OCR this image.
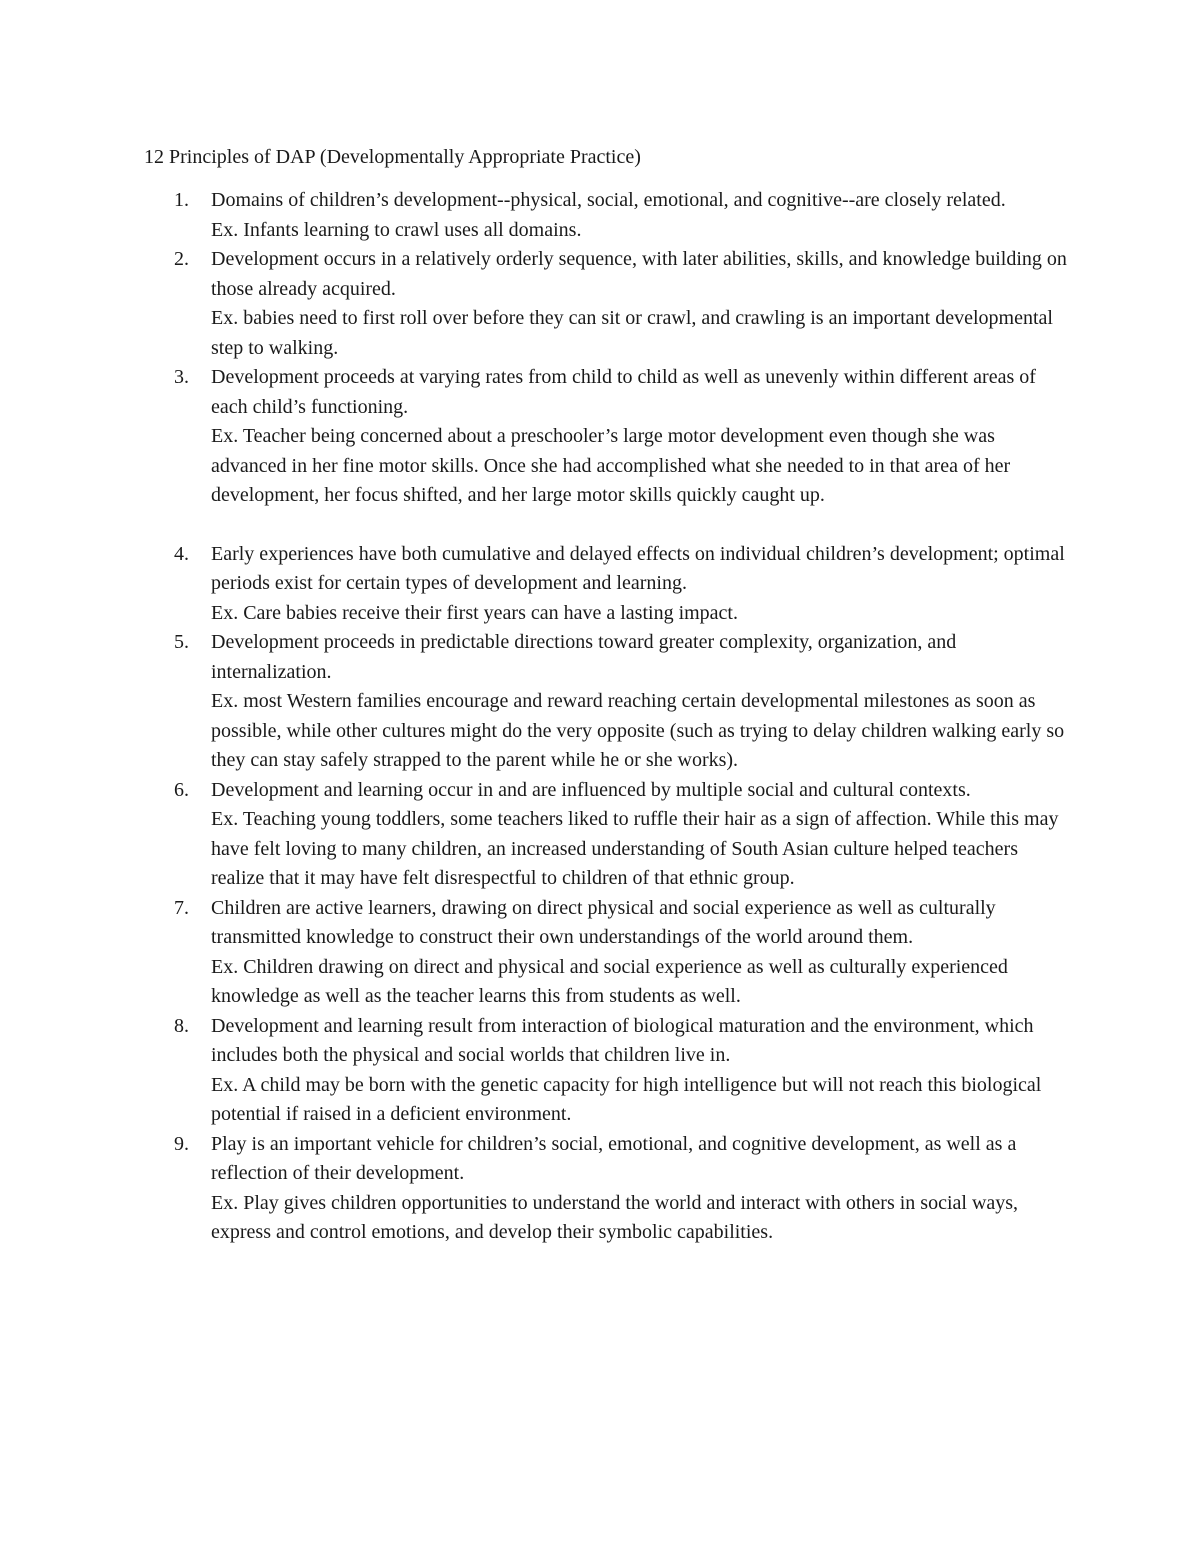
12 Principles of DAP (Developmentally Appropriate Practice)
1. Domains of children’s development--physical, social, emotional, and cognitive--are closely related.
Ex. Infants learning to crawl uses all domains.
2. Development occurs in a relatively orderly sequence, with later abilities, skills, and knowledge building on those already acquired.
Ex. babies need to first roll over before they can sit or crawl, and crawling is an important developmental step to walking.
3. Development proceeds at varying rates from child to child as well as unevenly within different areas of each child’s functioning.
Ex. Teacher being concerned about a preschooler’s large motor development even though she was advanced in her fine motor skills. Once she had accomplished what she needed to in that area of her development, her focus shifted, and her large motor skills quickly caught up.
4. Early experiences have both cumulative and delayed effects on individual children’s development; optimal periods exist for certain types of development and learning.
Ex. Care babies receive their first years can have a lasting impact.
5. Development proceeds in predictable directions toward greater complexity, organization, and internalization.
Ex. most Western families encourage and reward reaching certain developmental milestones as soon as possible, while other cultures might do the very opposite (such as trying to delay children walking early so they can stay safely strapped to the parent while he or she works).
6. Development and learning occur in and are influenced by multiple social and cultural contexts.
Ex. Teaching young toddlers, some teachers liked to ruffle their hair as a sign of affection. While this may have felt loving to many children, an increased understanding of South Asian culture helped teachers realize that it may have felt disrespectful to children of that ethnic group.
7. Children are active learners, drawing on direct physical and social experience as well as culturally transmitted knowledge to construct their own understandings of the world around them.
Ex. Children drawing on direct and physical and social experience as well as culturally experienced knowledge as well as the teacher learns this from students as well.
8. Development and learning result from interaction of biological maturation and the environment, which includes both the physical and social worlds that children live in.
Ex. A child may be born with the genetic capacity for high intelligence but will not reach this biological potential if raised in a deficient environment.
9. Play is an important vehicle for children’s social, emotional, and cognitive development, as well as a reflection of their development.
Ex. Play gives children opportunities to understand the world and interact with others in social ways, express and control emotions, and develop their symbolic capabilities.
